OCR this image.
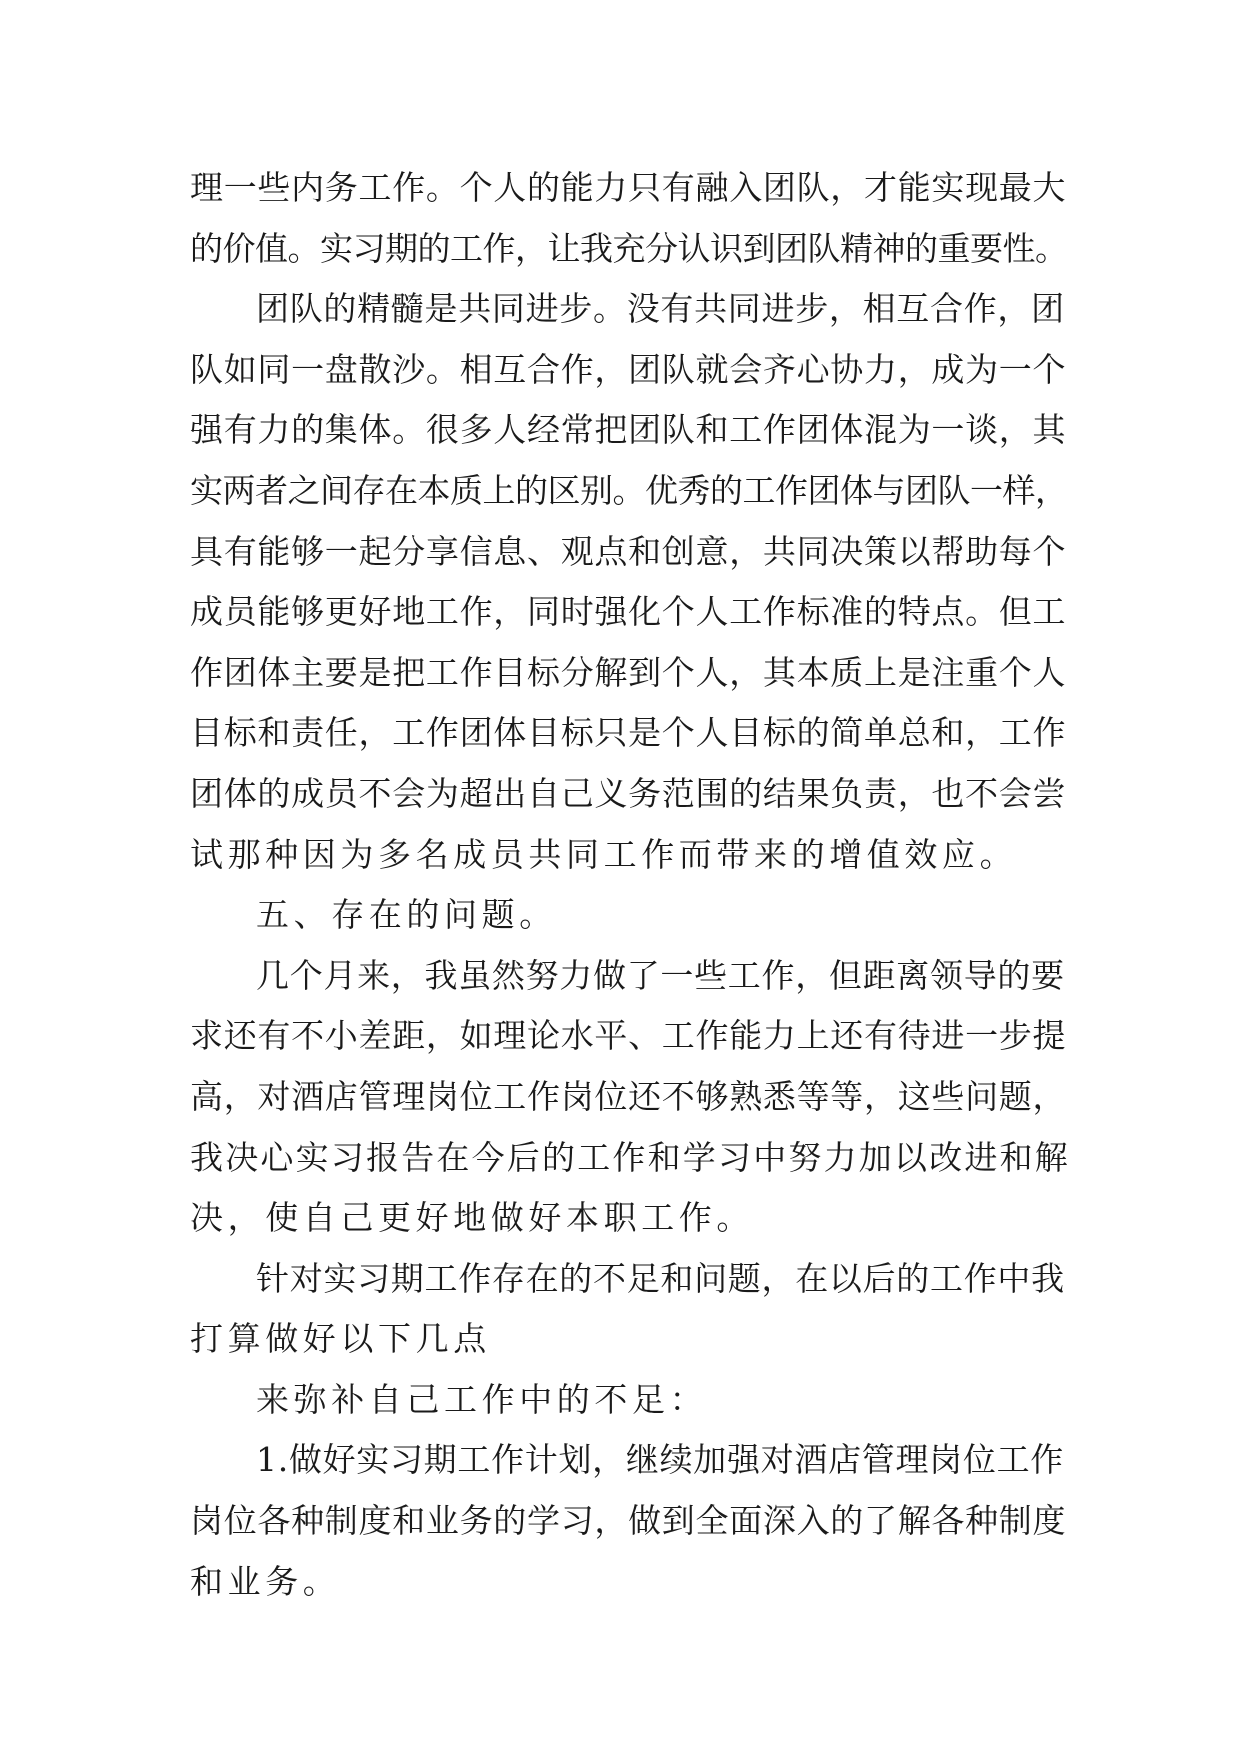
理一些内务工作。个人的能力只有融入团队，才能实现最大
的价值。实习期的工作，让我充分认识到团队精神的重要性。
团队的精髓是共同进步。没有共同进步，相互合作，团
队如同一盘散沙。相互合作，团队就会齐心协力，成为一个
强有力的集体。很多人经常把团队和工作团体混为一谈，其
实两者之间存在本质上的区别。优秀的工作团体与团队一样，
具有能够一起分享信息、观点和创意，共同决策以帮助每个
成员能够更好地工作，同时强化个人工作标准的特点。但工
作团体主要是把工作目标分解到个人，其本质上是注重个人
目标和责任，工作团体目标只是个人目标的简单总和，工作
团体的成员不会为超出自己义务范围的结果负责，也不会尝
试那种因为多名成员共同工作而带来的增值效应。
五、存在的问题。
几个月来，我虽然努力做了一些工作，但距离领导的要
求还有不小差距，如理论水平、工作能力上还有待进一步提
高，对酒店管理岗位工作岗位还不够熟悉等等，这些问题，
我决心实习报告在今后的工作和学习中努力加以改进和解
决，使自己更好地做好本职工作。
针对实习期工作存在的不足和问题，在以后的工作中我
打算做好以下几点
来弥补自己工作中的不足：
1.做好实习期工作计划，继续加强对酒店管理岗位工作
岗位各种制度和业务的学习，做到全面深入的了解各种制度
和业务。
